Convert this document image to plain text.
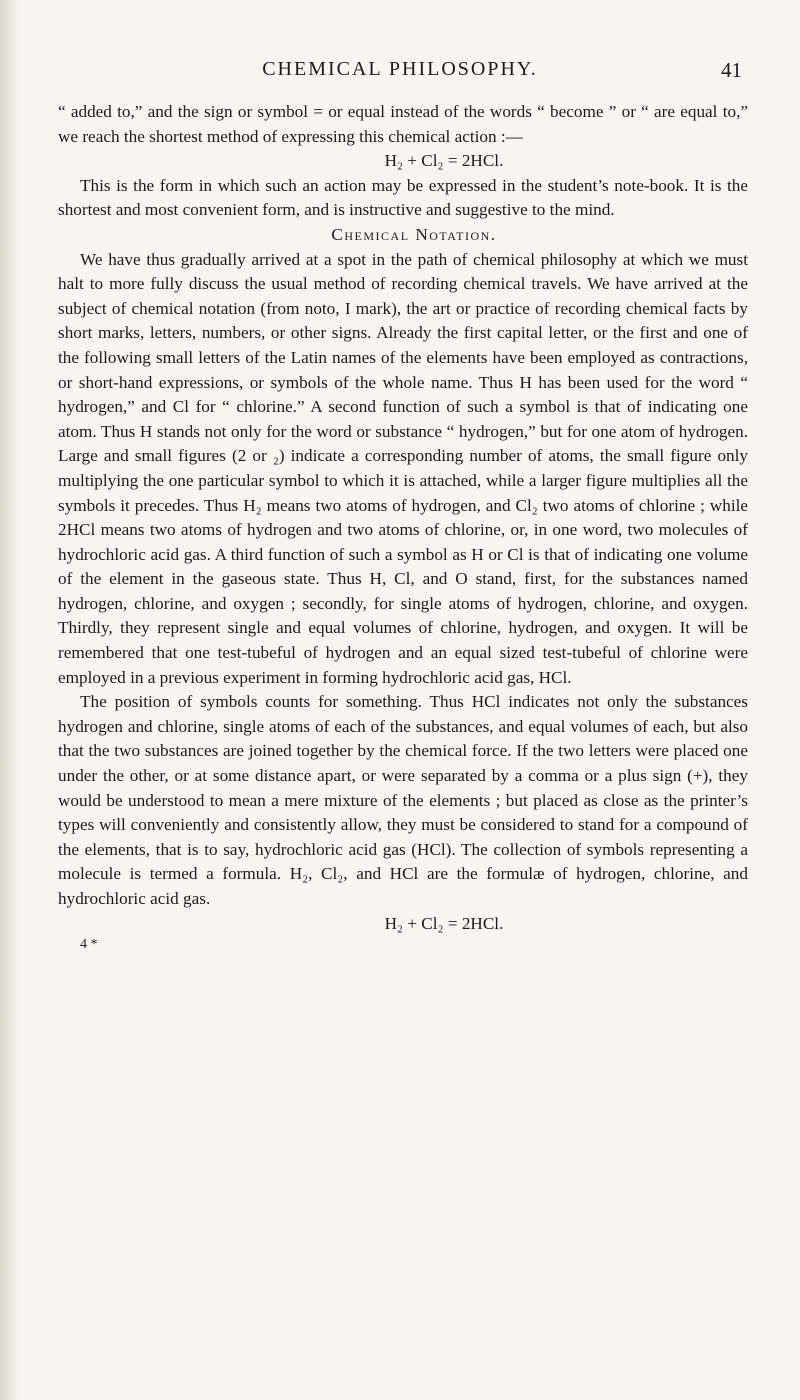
CHEMICAL PHILOSOPHY.	41

“ added to,” and the sign or symbol = or equal instead of the words “ become ” or “ are equal to,” we reach the shortest method of expressing this chemical action :—

H₂ + Cl₂ = 2HCl.

This is the form in which such an action may be expressed in the student’s note-book. It is the shortest and most convenient form, and is instructive and suggestive to the mind.

Chemical Notation.

We have thus gradually arrived at a spot in the path of chemical philosophy at which we must halt to more fully discuss the usual method of recording chemical travels. We have arrived at the subject of chemical notation (from noto, I mark), the art or practice of recording chemical facts by short marks, letters, numbers, or other signs. Already the first capital letter, or the first and one of the following small letters of the Latin names of the elements have been employed as contractions, or short-hand expressions, or symbols of the whole name. Thus H has been used for the word “ hydrogen,” and Cl for “ chlorine.” A second function of such a symbol is that of indicating one atom. Thus H stands not only for the word or substance “ hydrogen,” but for one atom of hydrogen. Large and small figures (2 or ₂) indicate a corresponding number of atoms, the small figure only multiplying the one particular symbol to which it is attached, while a larger figure multiplies all the symbols it precedes. Thus H₂ means two atoms of hydrogen, and Cl₂ two atoms of chlorine ; while 2HCl means two atoms of hydrogen and two atoms of chlorine, or, in one word, two molecules of hydrochloric acid gas. A third function of such a symbol as H or Cl is that of indicating one volume of the element in the gaseous state. Thus H, Cl, and O stand, first, for the substances named hydrogen, chlorine, and oxygen ; secondly, for single atoms of hydrogen, chlorine, and oxygen. Thirdly, they represent single and equal volumes of chlorine, hydrogen, and oxygen. It will be remembered that one test-tubeful of hydrogen and an equal sized test-tubeful of chlorine were employed in a previous experiment in forming hydrochloric acid gas, HCl.

The position of symbols counts for something. Thus HCl indicates not only the substances hydrogen and chlorine, single atoms of each of the substances, and equal volumes of each, but also that the two substances are joined together by the chemical force. If the two letters were placed one under the other, or at some distance apart, or were separated by a comma or a plus sign (+), they would be understood to mean a mere mixture of the elements ; but placed as close as the printer’s types will conveniently and consistently allow, they must be considered to stand for a compound of the elements, that is to say, hydrochloric acid gas (HCl). The collection of symbols representing a molecule is termed a formula. H₂, Cl₂, and HCl are the formulæ of hydrogen, chlorine, and hydrochloric acid gas.

H₂ + Cl₂ = 2HCl.

4 *
